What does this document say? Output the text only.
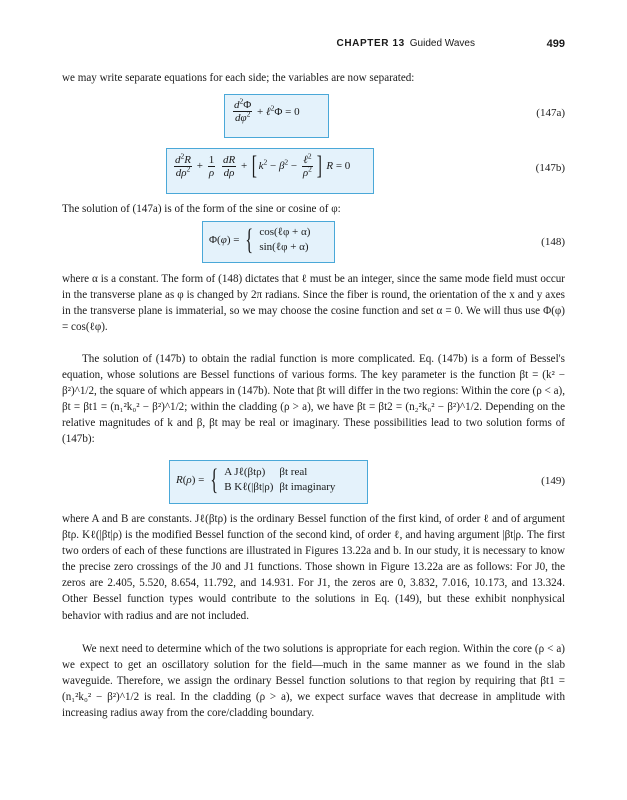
CHAPTER 13 Guided Waves	499

we may write separate equations for each side; the variables are now separated:

$\frac{d^2\Phi}{d\varphi^2}$ + ℓ$^2$Φ = 0	(147a)
$\frac{d^2R}{d\rho^2} + \frac{1}{\rho}$
$\frac{dR}{d\rho}$ + [ $k^2 - \beta^2 - \frac{\ell^2}{\rho^2}$ ] R = 0	(147b)

The solution of (147a) is of the form of the sine or cosine of φ:

Φ(φ) = { cos(ℓφ + α)
sin(ℓφ + α)	(148)

where α is a constant. The form of (148) dictates that ℓ must be an integer, since the same mode field must occur in the transverse plane as φ is changed by 2π radians. Since the fiber is round, the orientation of the x and y axes in the transverse plane is immaterial, so we may choose the cosine function and set α = 0. We will thus use Φ(φ) = cos(ℓφ).

The solution of (147b) to obtain the radial function is more complicated. Eq. (147b) is a form of Bessel's equation, whose solutions are Bessel functions of various forms. The key parameter is the function βt = (k² − β²)^1/2, the square of which appears in (147b). Note that βt will differ in the two regions: Within the core (ρ < a), βt = βt1 = (n₁²k₀² − β²)^1/2; within the cladding (ρ > a), we have βt = βt2 = (n₂²k₀² − β²)^1/2. Depending on the relative magnitudes of k and β, βt may be real or imaginary. These possibilities lead to two solution forms of (147b):

R(ρ) = { A Jℓ(βtρ)	βt real
B Kℓ(|βt|ρ)	βt imaginary	(149)

where A and B are constants. Jℓ(βtρ) is the ordinary Bessel function of the first kind, of order ℓ and of argument βtρ. Kℓ(|βt|ρ) is the modified Bessel function of the second kind, of order ℓ, and having argument |βt|ρ. The first two orders of each of these functions are illustrated in Figures 13.22a and b. In our study, it is necessary to know the precise zero crossings of the J0 and J1 functions. Those shown in Figure 13.22a are as follows: For J0, the zeros are 2.405, 5.520, 8.654, 11.792, and 14.931. For J1, the zeros are 0, 3.832, 7.016, 10.173, and 13.324. Other Bessel function types would contribute to the solutions in Eq. (149), but these exhibit nonphysical behavior with radius and are not included.

We next need to determine which of the two solutions is appropriate for each region. Within the core (ρ < a) we expect to get an oscillatory solution for the field—much in the same manner as we found in the slab waveguide. Therefore, we assign the ordinary Bessel function solutions to that region by requiring that βt1 = (n₁²k₀² − β²)^1/2 is real. In the cladding (ρ > a), we expect surface waves that decrease in amplitude with increasing radius away from the core/cladding boundary.
